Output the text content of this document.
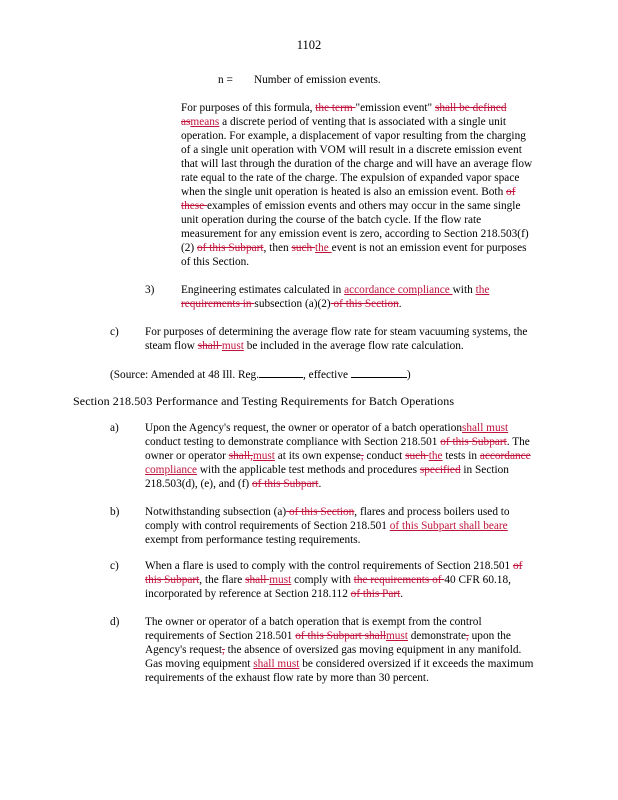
1102
n = Number of emission events.
For purposes of this formula, the term "emission event" shall be defined asmeans a discrete period of venting that is associated with a single unit operation. For example, a displacement of vapor resulting from the charging of a single unit operation with VOM will result in a discrete emission event that will last through the duration of the charge and will have an average flow rate equal to the rate of the charge. The expulsion of expanded vapor space when the single unit operation is heated is also an emission event. Both of these examples of emission events and others may occur in the same single unit operation during the course of the batch cycle. If the flow rate measurement for any emission event is zero, according to Section 218.503(f)(2) of this Subpart, then such the event is not an emission event for purposes of this Section.
3) Engineering estimates calculated in accordance compliance with the requirements in subsection (a)(2) of this Section.
c) For purposes of determining the average flow rate for steam vacuuming systems, the steam flow shall must be included in the average flow rate calculation.
(Source: Amended at 48 Ill. Reg.	, effective	)
Section 218.503 Performance and Testing Requirements for Batch Operations
a) Upon the Agency's request, the owner or operator of a batch operationshall must conduct testing to demonstrate compliance with Section 218.501 of this Subpart. The owner or operator shall,must at its own expense, conduct such the tests in accordance compliance with the applicable test methods and procedures specified in Section 218.503(d), (e), and (f) of this Subpart.
b) Notwithstanding subsection (a) of this Section, flares and process boilers used to comply with control requirements of Section 218.501 of this Subpart shall beare exempt from performance testing requirements.
c) When a flare is used to comply with the control requirements of Section 218.501 of this Subpart, the flare shall must comply with the requirements of 40 CFR 60.18, incorporated by reference at Section 218.112 of this Part.
d) The owner or operator of a batch operation that is exempt from the control requirements of Section 218.501 of this Subpart shallmust demonstrate, upon the Agency's request, the absence of oversized gas moving equipment in any manifold. Gas moving equipment shall must be considered oversized if it exceeds the maximum requirements of the exhaust flow rate by more than 30 percent.
